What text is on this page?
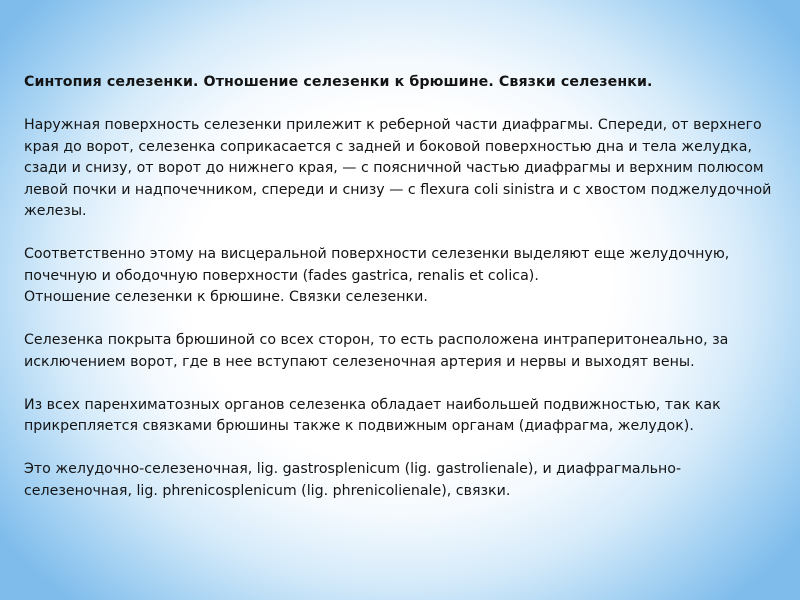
Синтопия селезенки. Отношение селезенки к брюшине. Связки селезенки.

Наружная поверхность селезенки прилежит к реберной части диафрагмы. Спереди, от верхнего края до ворот, селезенка соприкасается с задней и боковой поверхностью дна и тела желудка, сзади и снизу, от ворот до нижнего края, — с поясничной частью диафрагмы и верхним полюсом левой почки и надпочечником, спереди и снизу — с flexura coli sinistra и с хвостом поджелудочной железы.

Соответственно этому на висцеральной поверхности селезенки выделяют еще желудочную, почечную и ободочную поверхности (fades gastrica, renalis et colica).

Отношение селезенки к брюшине. Связки селезенки.

Селезенка покрыта брюшиной со всех сторон, то есть расположена интраперитонеально, за исключением ворот, где в нее вступают селезеночная артерия и нервы и выходят вены.

Из всех паренхиматозных органов селезенка обладает наибольшей подвижностью, так как прикрепляется связками брюшины также к подвижным органам (диафрагма, желудок).

Это желудочно-селезеночная, lig. gastrosplenicum (lig. gastrolienale), и диафрагмально-селезеночная, lig. phrenicosplenicum (lig. phrenicolienale), связки.
